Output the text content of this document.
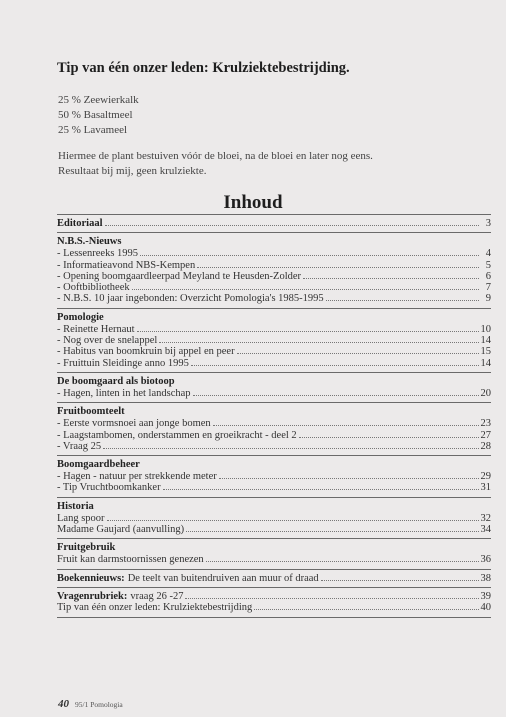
Tip van één onzer leden: Krulziektebestrijding.
25 % Zeewierkalk
50 % Basaltmeel
25 % Lavameel
Hiermee de plant bestuiven vóór de bloei, na de bloei en later nog eens.
Resultaat bij mij, geen krulziekte.
Inhoud
Editoriaal	3
N.B.S.-Nieuws
- Lessenreeks 1995	4
- Informatieavond NBS-Kempen	5
- Opening boomgaardleerpad Meyland te Heusden-Zolder	6
- Ooftbibliotheek	7
- N.B.S. 10 jaar ingebonden: Overzicht Pomologia's 1985-1995	9
Pomologie
- Reinette Hernaut	10
- Nog over de snelappel	14
- Habitus van boomkruin bij appel en peer	15
- Fruittuin Sleidinge anno 1995	14
De boomgaard als biotoop
- Hagen, linten in het landschap	20
Fruitboomteelt
- Eerste vormsnoei aan jonge bomen	23
- Laagstambomen, onderstammen en groeikracht - deel 2	27
- Vraag 25	28
Boomgaardbeheer
- Hagen - natuur per strekkende meter	29
- Tip Vruchtboomkanker	31
Historia
Lang spoor	32
Madame Gaujard (aanvulling)	34
Fruitgebruik
Fruit kan darmstoornissen genezen	36
Boekennieuws: De teelt van buitendruiven aan muur of draad	38
Vragenrubriek: vraag 26 -27	39
Tip van één onzer leden: Krulziektebestrijding	40
40 95/1 Pomologia
